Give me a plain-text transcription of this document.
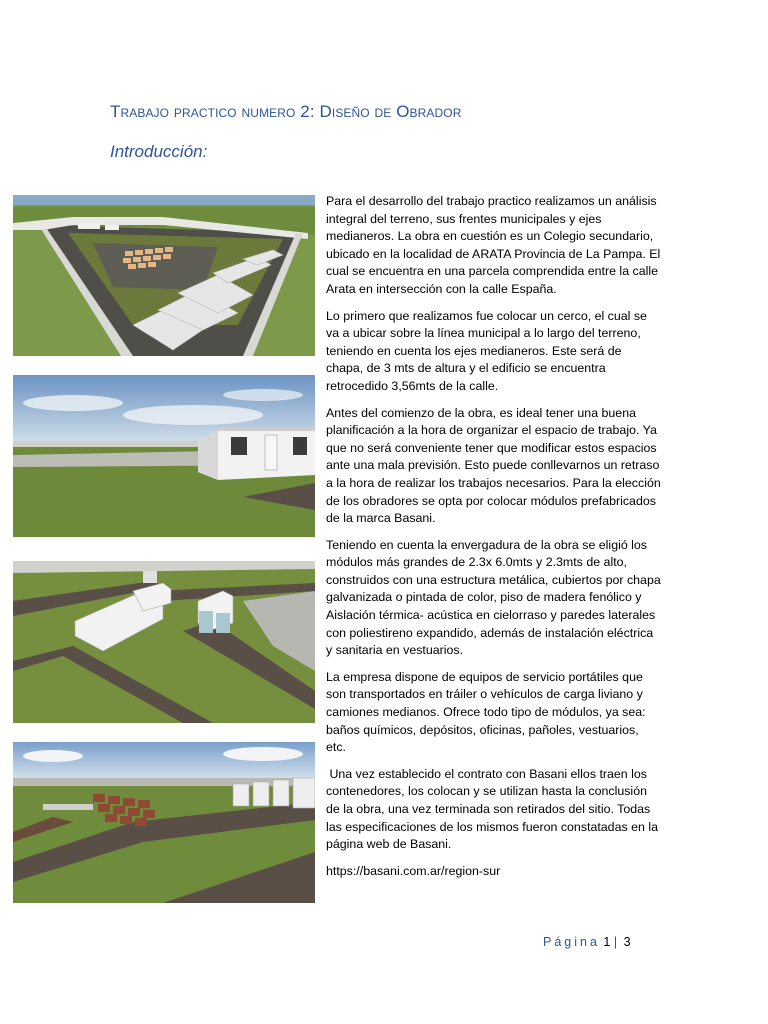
Trabajo practico numero 2: Diseño de Obrador
Introducción:

Para el desarrollo del trabajo practico realizamos un análisis integral del terreno, sus frentes municipales y ejes medianeros. La obra en cuestión es un Colegio secundario, ubicado en la localidad de ARATA Provincia de La Pampa. El cual se encuentra en una parcela comprendida entre la calle Arata en intersección con la calle España.

Lo primero que realizamos fue colocar un cerco, el cual se va a ubicar sobre la línea municipal a lo largo del terreno, teniendo en cuenta los ejes medianeros. Este será de chapa, de 3 mts de altura y el edificio se encuentra retrocedido 3,56mts de la calle.

Antes del comienzo de la obra, es ideal tener una buena planificación a la hora de organizar el espacio de trabajo. Ya que no será conveniente tener que modificar estos espacios ante una mala previsión. Esto puede conllevarnos un retraso a la hora de realizar los trabajos necesarios. Para la elección de los obradores se opta por colocar módulos prefabricados de la marca Basani.

Teniendo en cuenta la envergadura de la obra se eligió los módulos más grandes de 2.3x 6.0mts y 2.3mts de alto, construidos con una estructura metálica, cubiertos por chapa galvanizada o pintada de color, piso de madera fenólico y Aislación térmica- acústica en cielorraso y paredes laterales con poliestireno expandido, además de instalación eléctrica y sanitaria en vestuarios.

La empresa dispone de equipos de servicio portátiles que son transportados en tráiler o vehículos de carga liviano y camiones medianos. Ofrece todo tipo de módulos, ya sea: baños químicos, depósitos, oficinas, pañoles, vestuarios, etc.

Una vez establecido el contrato con Basani ellos traen los contenedores, los colocan y se utilizan hasta la conclusión de la obra, una vez terminada son retirados del sitio. Todas las especificaciones de los mismos fueron constatadas en la página web de Basani.

https://basani.com.ar/region-sur

Página 1 | 3
